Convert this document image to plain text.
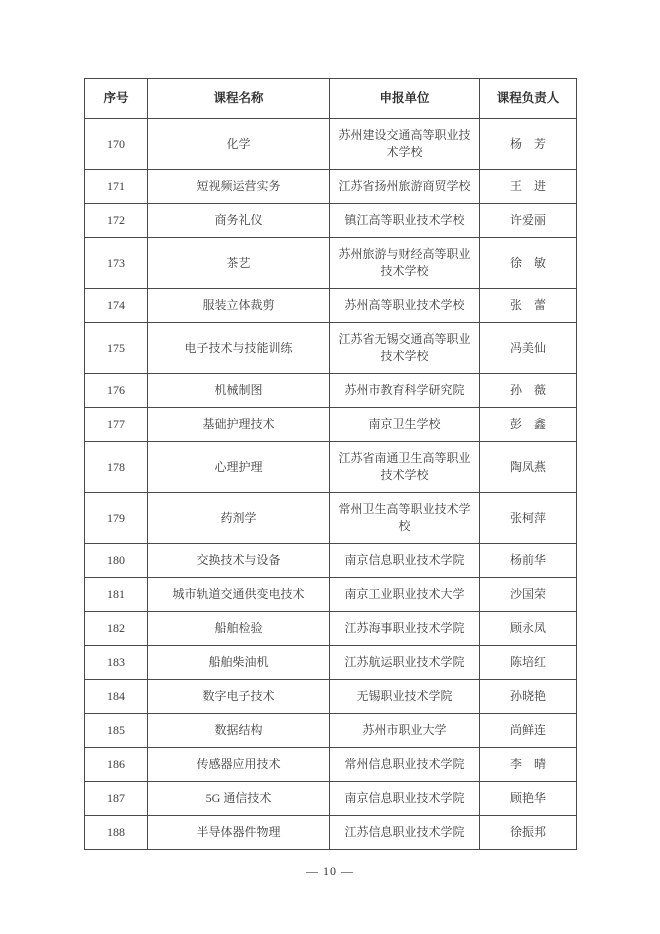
序号	课程名称	申报单位	课程负责人
170	化学	苏州建设交通高等职业技术学校	杨　芳
171	短视频运营实务	江苏省扬州旅游商贸学校	王　进
172	商务礼仪	镇江高等职业技术学校	许爱丽
173	茶艺	苏州旅游与财经高等职业技术学校	徐　敏
174	服装立体裁剪	苏州高等职业技术学校	张　蕾
175	电子技术与技能训练	江苏省无锡交通高等职业技术学校	冯美仙
176	机械制图	苏州市教育科学研究院	孙　薇
177	基础护理技术	南京卫生学校	彭　鑫
178	心理护理	江苏省南通卫生高等职业技术学校	陶凤燕
179	药剂学	常州卫生高等职业技术学校	张柯萍
180	交换技术与设备	南京信息职业技术学院	杨前华
181	城市轨道交通供变电技术	南京工业职业技术大学	沙国荣
182	船舶检验	江苏海事职业技术学院	顾永凤
183	船舶柴油机	江苏航运职业技术学院	陈培红
184	数字电子技术	无锡职业技术学院	孙晓艳
185	数据结构	苏州市职业大学	尚鲜连
186	传感器应用技术	常州信息职业技术学院	李　晴
187	5G 通信技术	南京信息职业技术学院	顾艳华
188	半导体器件物理	江苏信息职业技术学院	徐振邦
— 10 —
